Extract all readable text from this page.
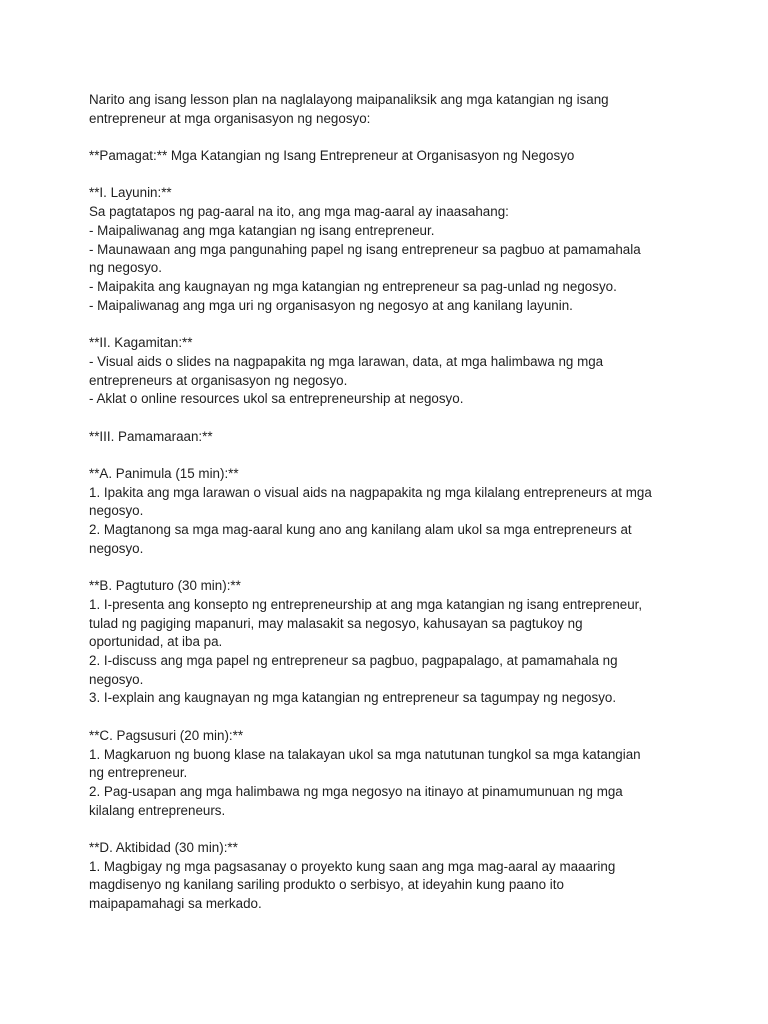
Narito ang isang lesson plan na naglalayong maipanaliksik ang mga katangian ng isang
entrepreneur at mga organisasyon ng negosyo:
**Pamagat:** Mga Katangian ng Isang Entrepreneur at Organisasyon ng Negosyo
**I. Layunin:**
Sa pagtatapos ng pag-aaral na ito, ang mga mag-aaral ay inaasahang:
- Maipaliwanag ang mga katangian ng isang entrepreneur.
- Maunawaan ang mga pangunahing papel ng isang entrepreneur sa pagbuo at pamamahala
ng negosyo.
- Maipakita ang kaugnayan ng mga katangian ng entrepreneur sa pag-unlad ng negosyo.
- Maipaliwanag ang mga uri ng organisasyon ng negosyo at ang kanilang layunin.
**II. Kagamitan:**
- Visual aids o slides na nagpapakita ng mga larawan, data, at mga halimbawa ng mga
entrepreneurs at organisasyon ng negosyo.
- Aklat o online resources ukol sa entrepreneurship at negosyo.
**III. Pamamaraan:**
**A. Panimula (15 min):**
1. Ipakita ang mga larawan o visual aids na nagpapakita ng mga kilalang entrepreneurs at mga
negosyo.
2. Magtanong sa mga mag-aaral kung ano ang kanilang alam ukol sa mga entrepreneurs at
negosyo.
**B. Pagtuturo (30 min):**
1. I-presenta ang konsepto ng entrepreneurship at ang mga katangian ng isang entrepreneur,
tulad ng pagiging mapanuri, may malasakit sa negosyo, kahusayan sa pagtukoy ng
oportunidad, at iba pa.
2. I-discuss ang mga papel ng entrepreneur sa pagbuo, pagpapalago, at pamamahala ng
negosyo.
3. I-explain ang kaugnayan ng mga katangian ng entrepreneur sa tagumpay ng negosyo.
**C. Pagsusuri (20 min):**
1. Magkaruon ng buong klase na talakayan ukol sa mga natutunan tungkol sa mga katangian
ng entrepreneur.
2. Pag-usapan ang mga halimbawa ng mga negosyo na itinayo at pinamumunuan ng mga
kilalang entrepreneurs.
**D. Aktibidad (30 min):**
1. Magbigay ng mga pagsasanay o proyekto kung saan ang mga mag-aaral ay maaaring
magdisenyo ng kanilang sariling produkto o serbisyo, at ideyahin kung paano ito
maipapamahagi sa merkado.
